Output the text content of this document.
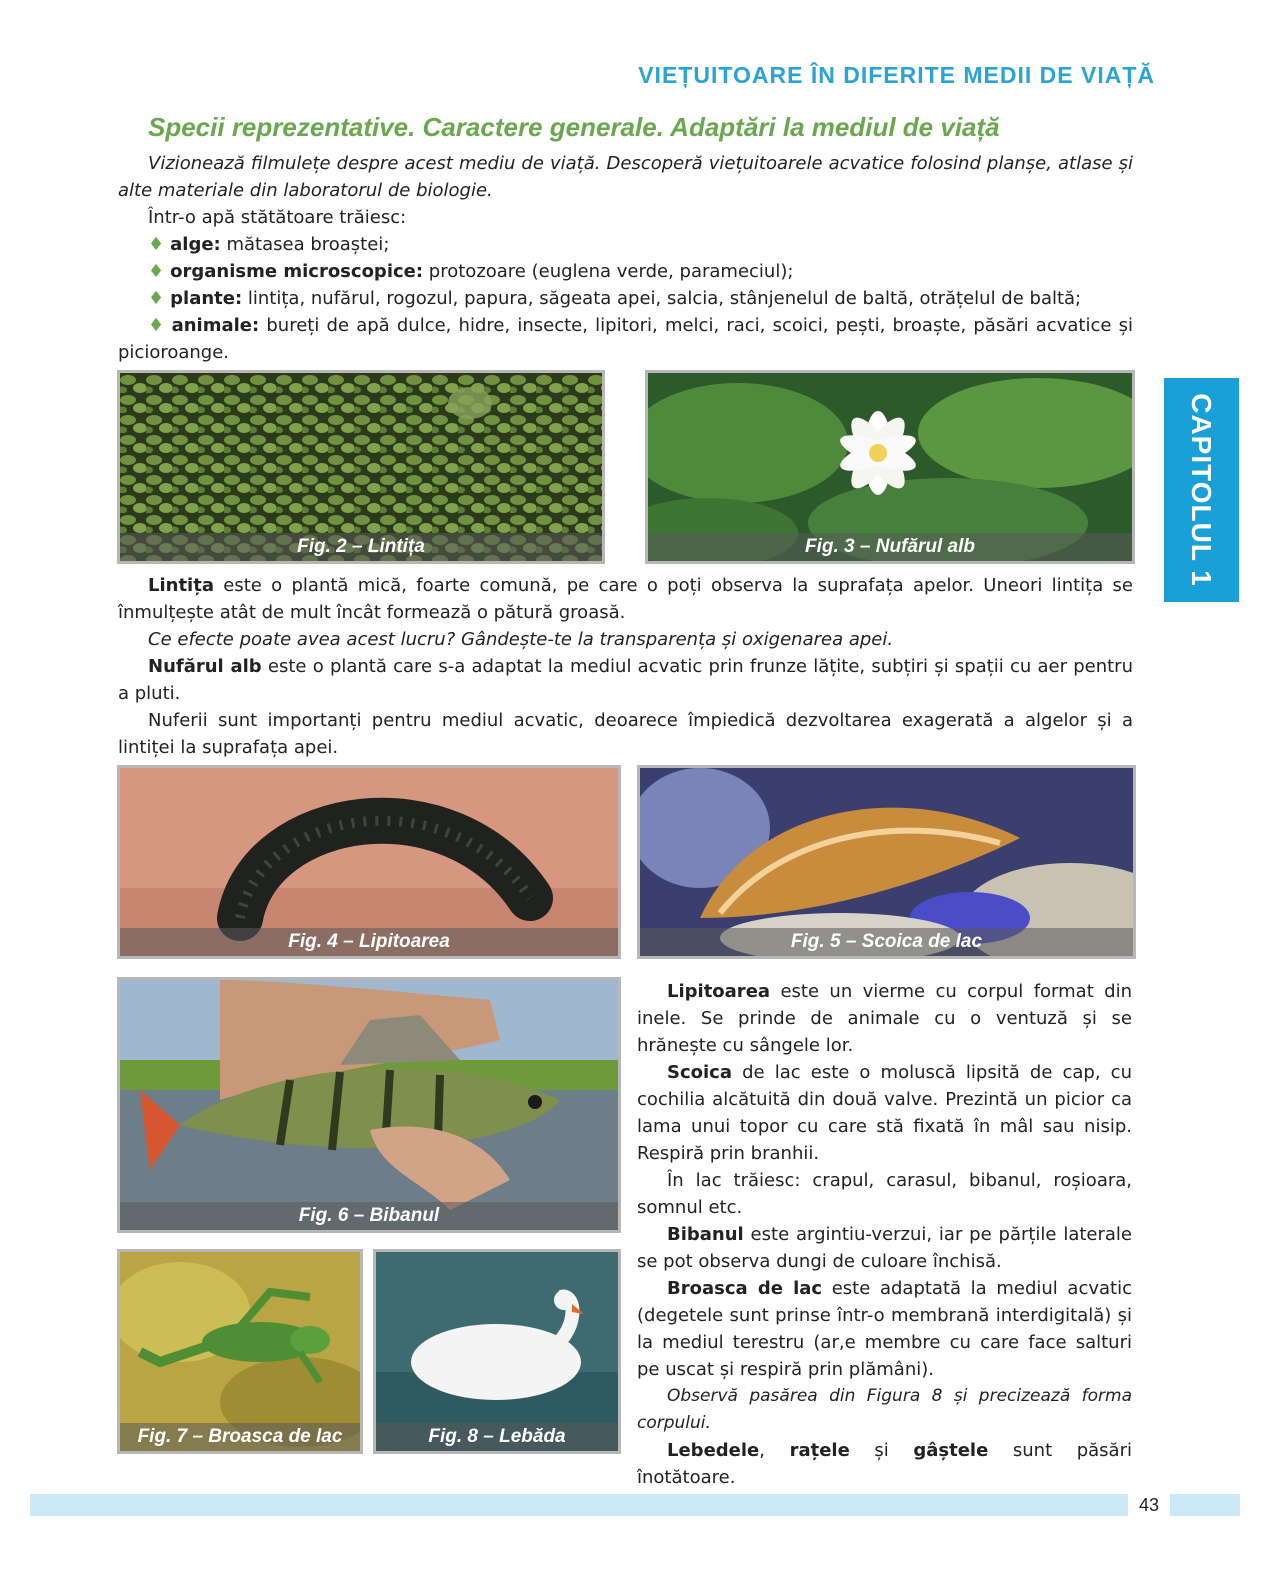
VIEȚUITOARE ÎN DIFERITE MEDII DE VIAȚĂ
Specii reprezentative. Caractere generale. Adaptări la mediul de viață
Vizionează filmulețe despre acest mediu de viață. Descoperă viețuitoarele acvatice folosind planșe, atlase și alte materiale din laboratorul de biologie.
Într-o apă stătătoare trăiesc:
♦ alge: mătasea broaștei;
♦ organisme microscopice: protozoare (euglena verde, parameciul);
♦ plante: lintița, nufărul, rogozul, papura, săgeata apei, salcia, stânjenelul de baltă, otrățelul de baltă;
♦ animale: bureți de apă dulce, hidre, insecte, lipitori, melci, raci, scoici, pești, broaște, păsări acvatice și picioroange.
Fig. 2 – Lintița	Fig. 3 – Nufărul alb
Lintița este o plantă mică, foarte comună, pe care o poți observa la suprafața apelor. Uneori lintița se înmulțește atât de mult încât formează o pătură groasă.
Ce efecte poate avea acest lucru? Gândește-te la transparența și oxigenarea apei.
Nufărul alb este o plantă care s-a adaptat la mediul acvatic prin frunze lățite, subțiri și spații cu aer pentru a pluti.
Nuferii sunt importanți pentru mediul acvatic, deoarece împiedică dezvoltarea exagerată a algelor și a lintiței la suprafața apei.
Fig. 4 – Lipitoarea	Fig. 5 – Scoica de lac
Fig. 6 – Bibanul
Fig. 7 – Broasca de lac	Fig. 8 – Lebăda
Lipitoarea este un vierme cu corpul format din inele. Se prinde de animale cu o ventuză și se hrănește cu sângele lor.
Scoica de lac este o moluscă lipsită de cap, cu cochilia alcătuită din două valve. Prezintă un picior ca lama unui topor cu care stă fixată în mâl sau nisip. Respiră prin branhii.
În lac trăiesc: crapul, carasul, bibanul, roșioara, somnul etc.
Bibanul este argintiu-verzui, iar pe părțile laterale se pot observa dungi de culoare închisă.
Broasca de lac este adaptată la mediul acvatic (degetele sunt prinse într-o membrană interdigitală) și la mediul terestru (ar,e membre cu care face salturi pe uscat și respiră prin plămâni).
Observă pasărea din Figura 8 și precizează forma corpului.
Lebedele, rațele și gâștele sunt păsări înotătoare.
CAPITOLUL 1
43
